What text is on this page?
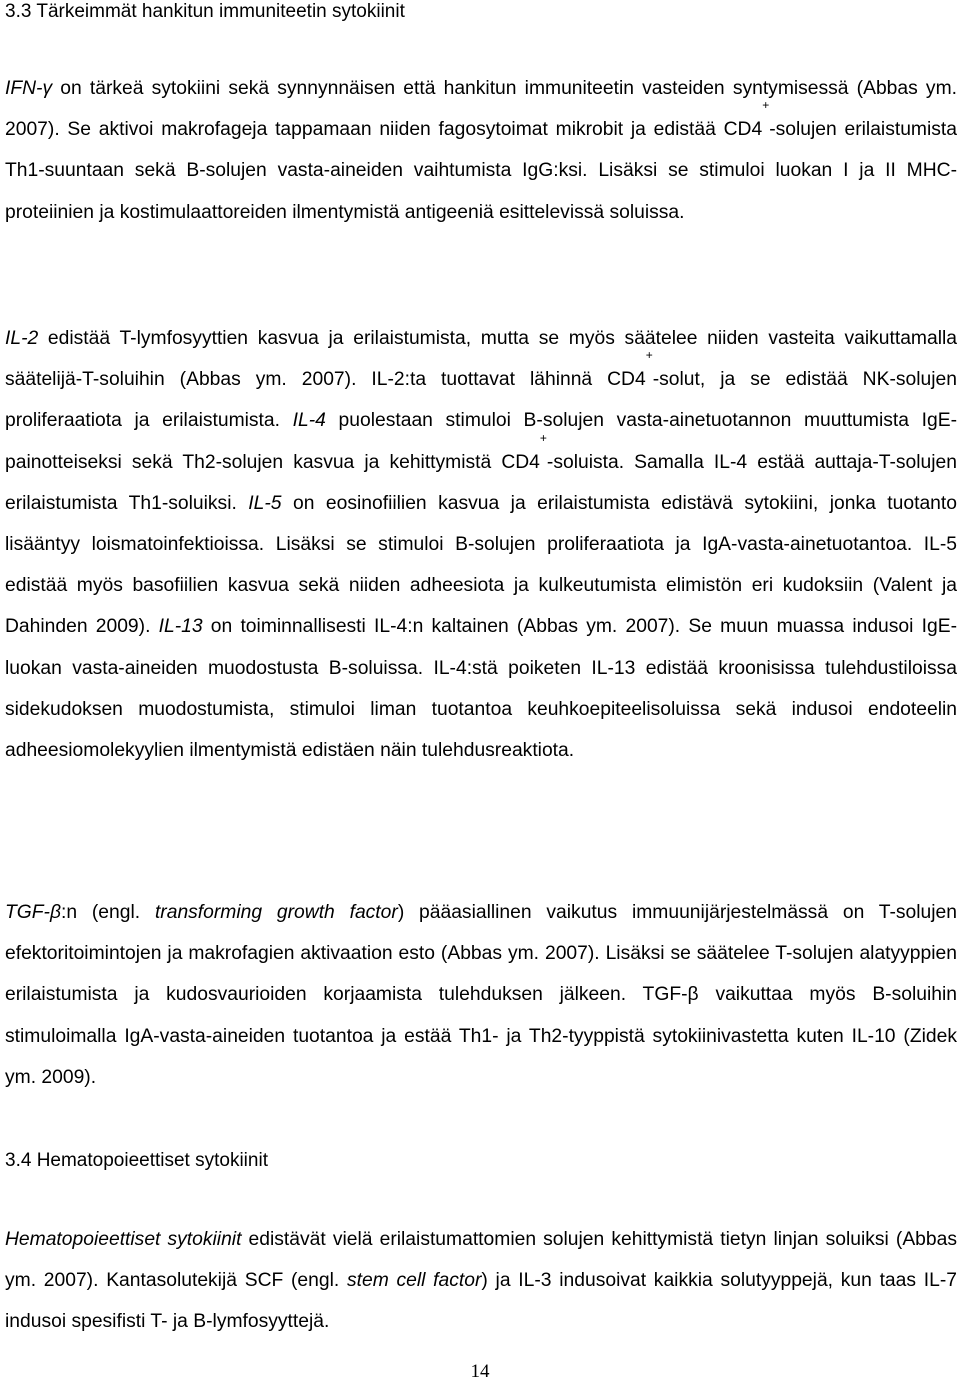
3.3 Tärkeimmät hankitun immuniteetin sytokiinit

IFN-γ on tärkeä sytokiini sekä synnynnäisen että hankitun immuniteetin vasteiden syntymisessä (Abbas ym. 2007). Se aktivoi makrofageja tappamaan niiden fagosytoimat mikrobit ja edistää CD4+-solujen erilaistumista Th1-suuntaan sekä B-solujen vasta-aineiden vaihtumista IgG:ksi. Lisäksi se stimuloi luokan I ja II MHC-proteiinien ja kostimulaattoreiden ilmentymistä antigeeniä esittelevissä soluissa.

IL-2 edistää T-lymfosyyttien kasvua ja erilaistumista, mutta se myös säätelee niiden vasteita vaikuttamalla säätelijä-T-soluihin (Abbas ym. 2007). IL-2:ta tuottavat lähinnä CD4+-solut, ja se edistää NK-solujen proliferaatiota ja erilaistumista. IL-4 puolestaan stimuloi B-solujen vasta-ainetuotannon muuttumista IgE-painotteiseksi sekä Th2-solujen kasvua ja kehittymistä CD4+-soluista. Samalla IL-4 estää auttaja-T-solujen erilaistumista Th1-soluiksi. IL-5 on eosinofiilien kasvua ja erilaistumista edistävä sytokiini, jonka tuotanto lisääntyy loismatoinfektioissa. Lisäksi se stimuloi B-solujen proliferaatiota ja IgA-vasta-ainetuotantoa. IL-5 edistää myös basofiilien kasvua sekä niiden adheesiota ja kulkeutumista elimistön eri kudoksiin (Valent ja Dahinden 2009). IL-13 on toiminnallisesti IL-4:n kaltainen (Abbas ym. 2007). Se muun muassa indusoi IgE-luokan vasta-aineiden muodostusta B-soluissa. IL-4:stä poiketen IL-13 edistää kroonisissa tulehdustiloissa sidekudoksen muodostumista, stimuloi liman tuotantoa keuhkoepiteelisoluissa sekä indusoi endoteelin adheesiomolekyylien ilmentymistä edistäen näin tulehdusreaktiota.

TGF-β:n (engl. transforming growth factor) pääasiallinen vaikutus immuunijärjestelmässä on T-solujen efektoritoimintojen ja makrofagien aktivaation esto (Abbas ym. 2007). Lisäksi se säätelee T-solujen alatyyppien erilaistumista ja kudosvaurioiden korjaamista tulehduksen jälkeen. TGF-β vaikuttaa myös B-soluihin stimuloimalla IgA-vasta-aineiden tuotantoa ja estää Th1- ja Th2-tyyppistä sytokiinivastetta kuten IL-10 (Zidek ym. 2009).

3.4 Hematopoieettiset sytokiinit

Hematopoieettiset sytokiinit edistävät vielä erilaistumattomien solujen kehittymistä tietyn linjan soluiksi (Abbas ym. 2007). Kantasolutekijä SCF (engl. stem cell factor) ja IL-3 indusoivat kaikkia solutyyppejä, kun taas IL-7 indusoi spesifisti T- ja B-lymfosyyttejä.

14
